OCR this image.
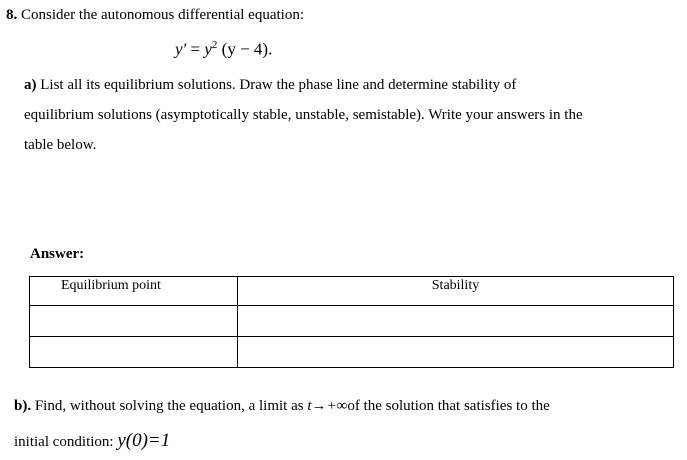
8. Consider the autonomous differential equation:
$y' = y^2$ (y − 4).
a) List all its equilibrium solutions. Draw the phase line and determine stability of
equilibrium solutions (asymptotically stable, unstable, semistable). Write your answers in the
table below.
Answer:
Equilibrium point	Stability

b). Find, without solving the equation, a limit as t→+∞of the solution that satisfies to the
initial condition: y(0)=1
